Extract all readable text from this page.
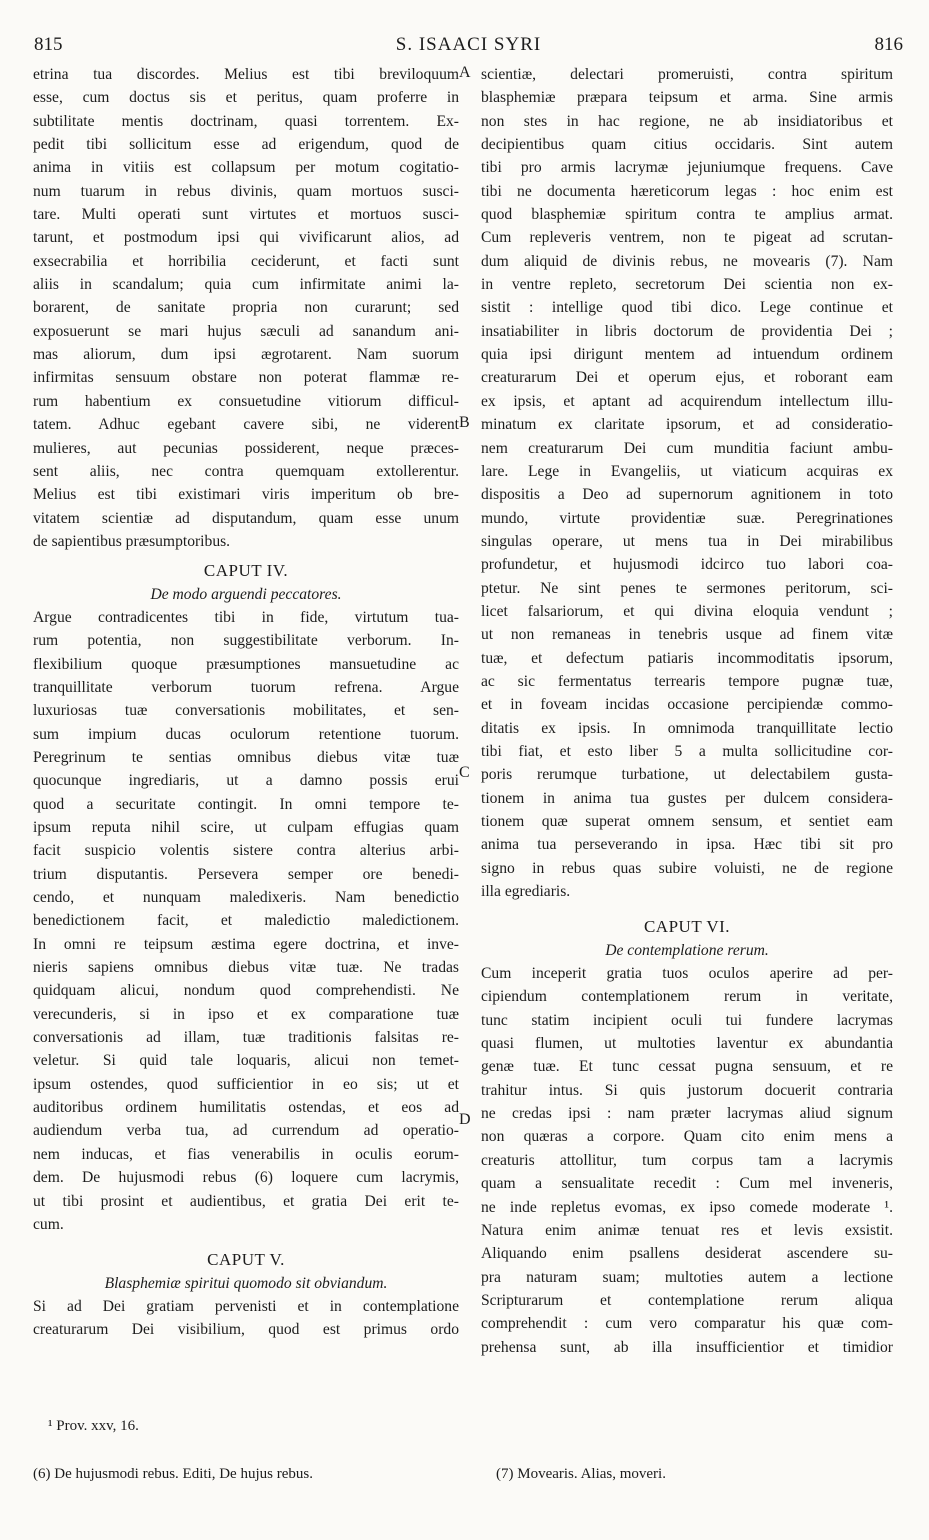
815	S. ISAACI SYRI	816
etrina tua discordes. Melius est tibi breviloquum
esse, cum doctus sis et peritus, quam proferre in
subtilitate mentis doctrinam, quasi torrentem. Ex-
pedit tibi sollicitum esse ad erigendum, quod de
anima in vitiis est collapsum per motum cogitatio-
num tuarum in rebus divinis, quam mortuos susci-
tare. Multi operati sunt virtutes et mortuos susci-
tarunt, et postmodum ipsi qui vivificarunt alios, ad
exsecrabilia et horribilia ceciderunt, et facti sunt
aliis in scandalum; quia cum infirmitate animi la-
borarent, de sanitate propria non curarunt; sed
exposuerunt se mari hujus sæculi ad sanandum ani-
mas aliorum, dum ipsi ægrotarent. Nam suorum
infirmitas sensuum obstare non poterat flammæ re-
rum habentium ex consuetudine vitiorum difficul-
tatem. Adhuc egebant cavere sibi, ne viderent
mulieres, aut pecunias possiderent, neque præces-
sent aliis, nec contra quemquam extollerentur.
Melius est tibi existimari viris imperitum ob bre-
vitatem scientiæ ad disputandum, quam esse unum
de sapientibus præsumptoribus.
CAPUT IV.
De modo arguendi peccatores.
Argue contradicentes tibi in fide, virtutum tua-
rum potentia, non suggestibilitate verborum. In-
flexibilium quoque præsumptiones mansuetudine ac
tranquillitate verborum tuorum refrena. Argue
luxuriosas tuæ conversationis mobilitates, et sen-
sum impium ducas oculorum retentione tuorum.
Peregrinum te sentias omnibus diebus vitæ tuæ
quocunque ingrediaris, ut a damno possis erui
quod a securitate contingit. In omni tempore te-
ipsum reputa nihil scire, ut culpam effugias quam
facit suspicio volentis sistere contra alterius arbi-
trium disputantis. Persevera semper ore benedi-
cendo, et nunquam maledixeris. Nam benedictio
benedictionem facit, et maledictio maledictionem.
In omni re teipsum æstima egere doctrina, et inve-
nieris sapiens omnibus diebus vitæ tuæ. Ne tradas
quidquam alicui, nondum quod comprehendisti. Ne
verecunderis, si in ipso et ex comparatione tuæ
conversationis ad illam, tuæ traditionis falsitas re-
veletur. Si quid tale loquaris, alicui non temet-
ipsum ostendes, quod sufficientior in eo sis; ut et
auditoribus ordinem humilitatis ostendas, et eos ad
audiendum verba tua, ad currendum ad operatio-
nem inducas, et fias venerabilis in oculis eorum-
dem. De hujusmodi rebus (6) loquere cum lacrymis,
ut tibi prosint et audientibus, et gratia Dei erit te-
cum.
CAPUT V.
Blasphemiæ spiritui quomodo sit obviandum.
Si ad Dei gratiam pervenisti et in contemplatione
creaturarum Dei visibilium, quod est primus ordo
scientiæ, delectari promeruisti, contra spiritum
blasphemiæ præpara teipsum et arma. Sine armis
non stes in hac regione, ne ab insidiatoribus et
decipientibus quam citius occidaris. Sint autem
tibi pro armis lacrymæ jejuniumque frequens. Cave
tibi ne documenta hæreticorum legas : hoc enim est
quod blasphemiæ spiritum contra te amplius armat.
Cum repleveris ventrem, non te pigeat ad scrutan-
dum aliquid de divinis rebus, ne movearis (7). Nam
in ventre repleto, secretorum Dei scientia non ex-
sistit : intellige quod tibi dico. Lege continue et
insatiabiliter in libris doctorum de providentia Dei ;
quia ipsi dirigunt mentem ad intuendum ordinem
creaturarum Dei et operum ejus, et roborant eam
ex ipsis, et aptant ad acquirendum intellectum illu-
minatum ex claritate ipsorum, et ad consideratio-
nem creaturarum Dei cum munditia faciunt ambu-
lare. Lege in Evangeliis, ut viaticum acquiras ex
dispositis a Deo ad supernorum agnitionem in toto
mundo, virtute providentiæ suæ. Peregrinationes
singulas operare, ut mens tua in Dei mirabilibus
profundetur, et hujusmodi idcirco tuo labori coa-
ptetur. Ne sint penes te sermones peritorum, sci-
licet falsariorum, et qui divina eloquia vendunt ;
ut non remaneas in tenebris usque ad finem vitæ
tuæ, et defectum patiaris incommoditatis ipsorum,
ac sic fermentatus terrearis tempore pugnæ tuæ,
et in foveam incidas occasione percipiendæ commo-
ditatis ex ipsis. In omnimoda tranquillitate lectio
tibi fiat, et esto liber 5 a multa sollicitudine cor-
poris rerumque turbatione, ut delectabilem gusta-
tionem in anima tua gustes per dulcem considera-
tionem quæ superat omnem sensum, et sentiet eam
anima tua perseverando in ipsa. Hæc tibi sit pro
signo in rebus quas subire voluisti, ne de regione
illa egrediaris.
CAPUT VI.
De contemplatione rerum.
Cum inceperit gratia tuos oculos aperire ad per-
cipiendum contemplationem rerum in veritate,
tunc statim incipient oculi tui fundere lacrymas
quasi flumen, ut multoties laventur ex abundantia
genæ tuæ. Et tunc cessat pugna sensuum, et re
trahitur intus. Si quis justorum docuerit contraria
ne credas ipsi : nam præter lacrymas aliud signum
non quæras a corpore. Quam cito enim mens a
creaturis attollitur, tum corpus tam a lacrymis
quam a sensualitate recedit : Cum mel inveneris,
ne inde repletus evomas, ex ipso comede moderate ¹.
Natura enim animæ tenuat res et levis exsistit.
Aliquando enim psallens desiderat ascendere su-
pra naturam suam; multoties autem a lectione
Scripturarum et contemplatione rerum aliqua
comprehendit : cum vero comparatur his quæ com-
prehensa sunt, ab illa insufficientior et timidior
A
B
C
D
¹ Prov. xxv, 16.
(6) De hujusmodi rebus. Editi, De hujus rebus.	(7) Movearis. Alias, moveri.
